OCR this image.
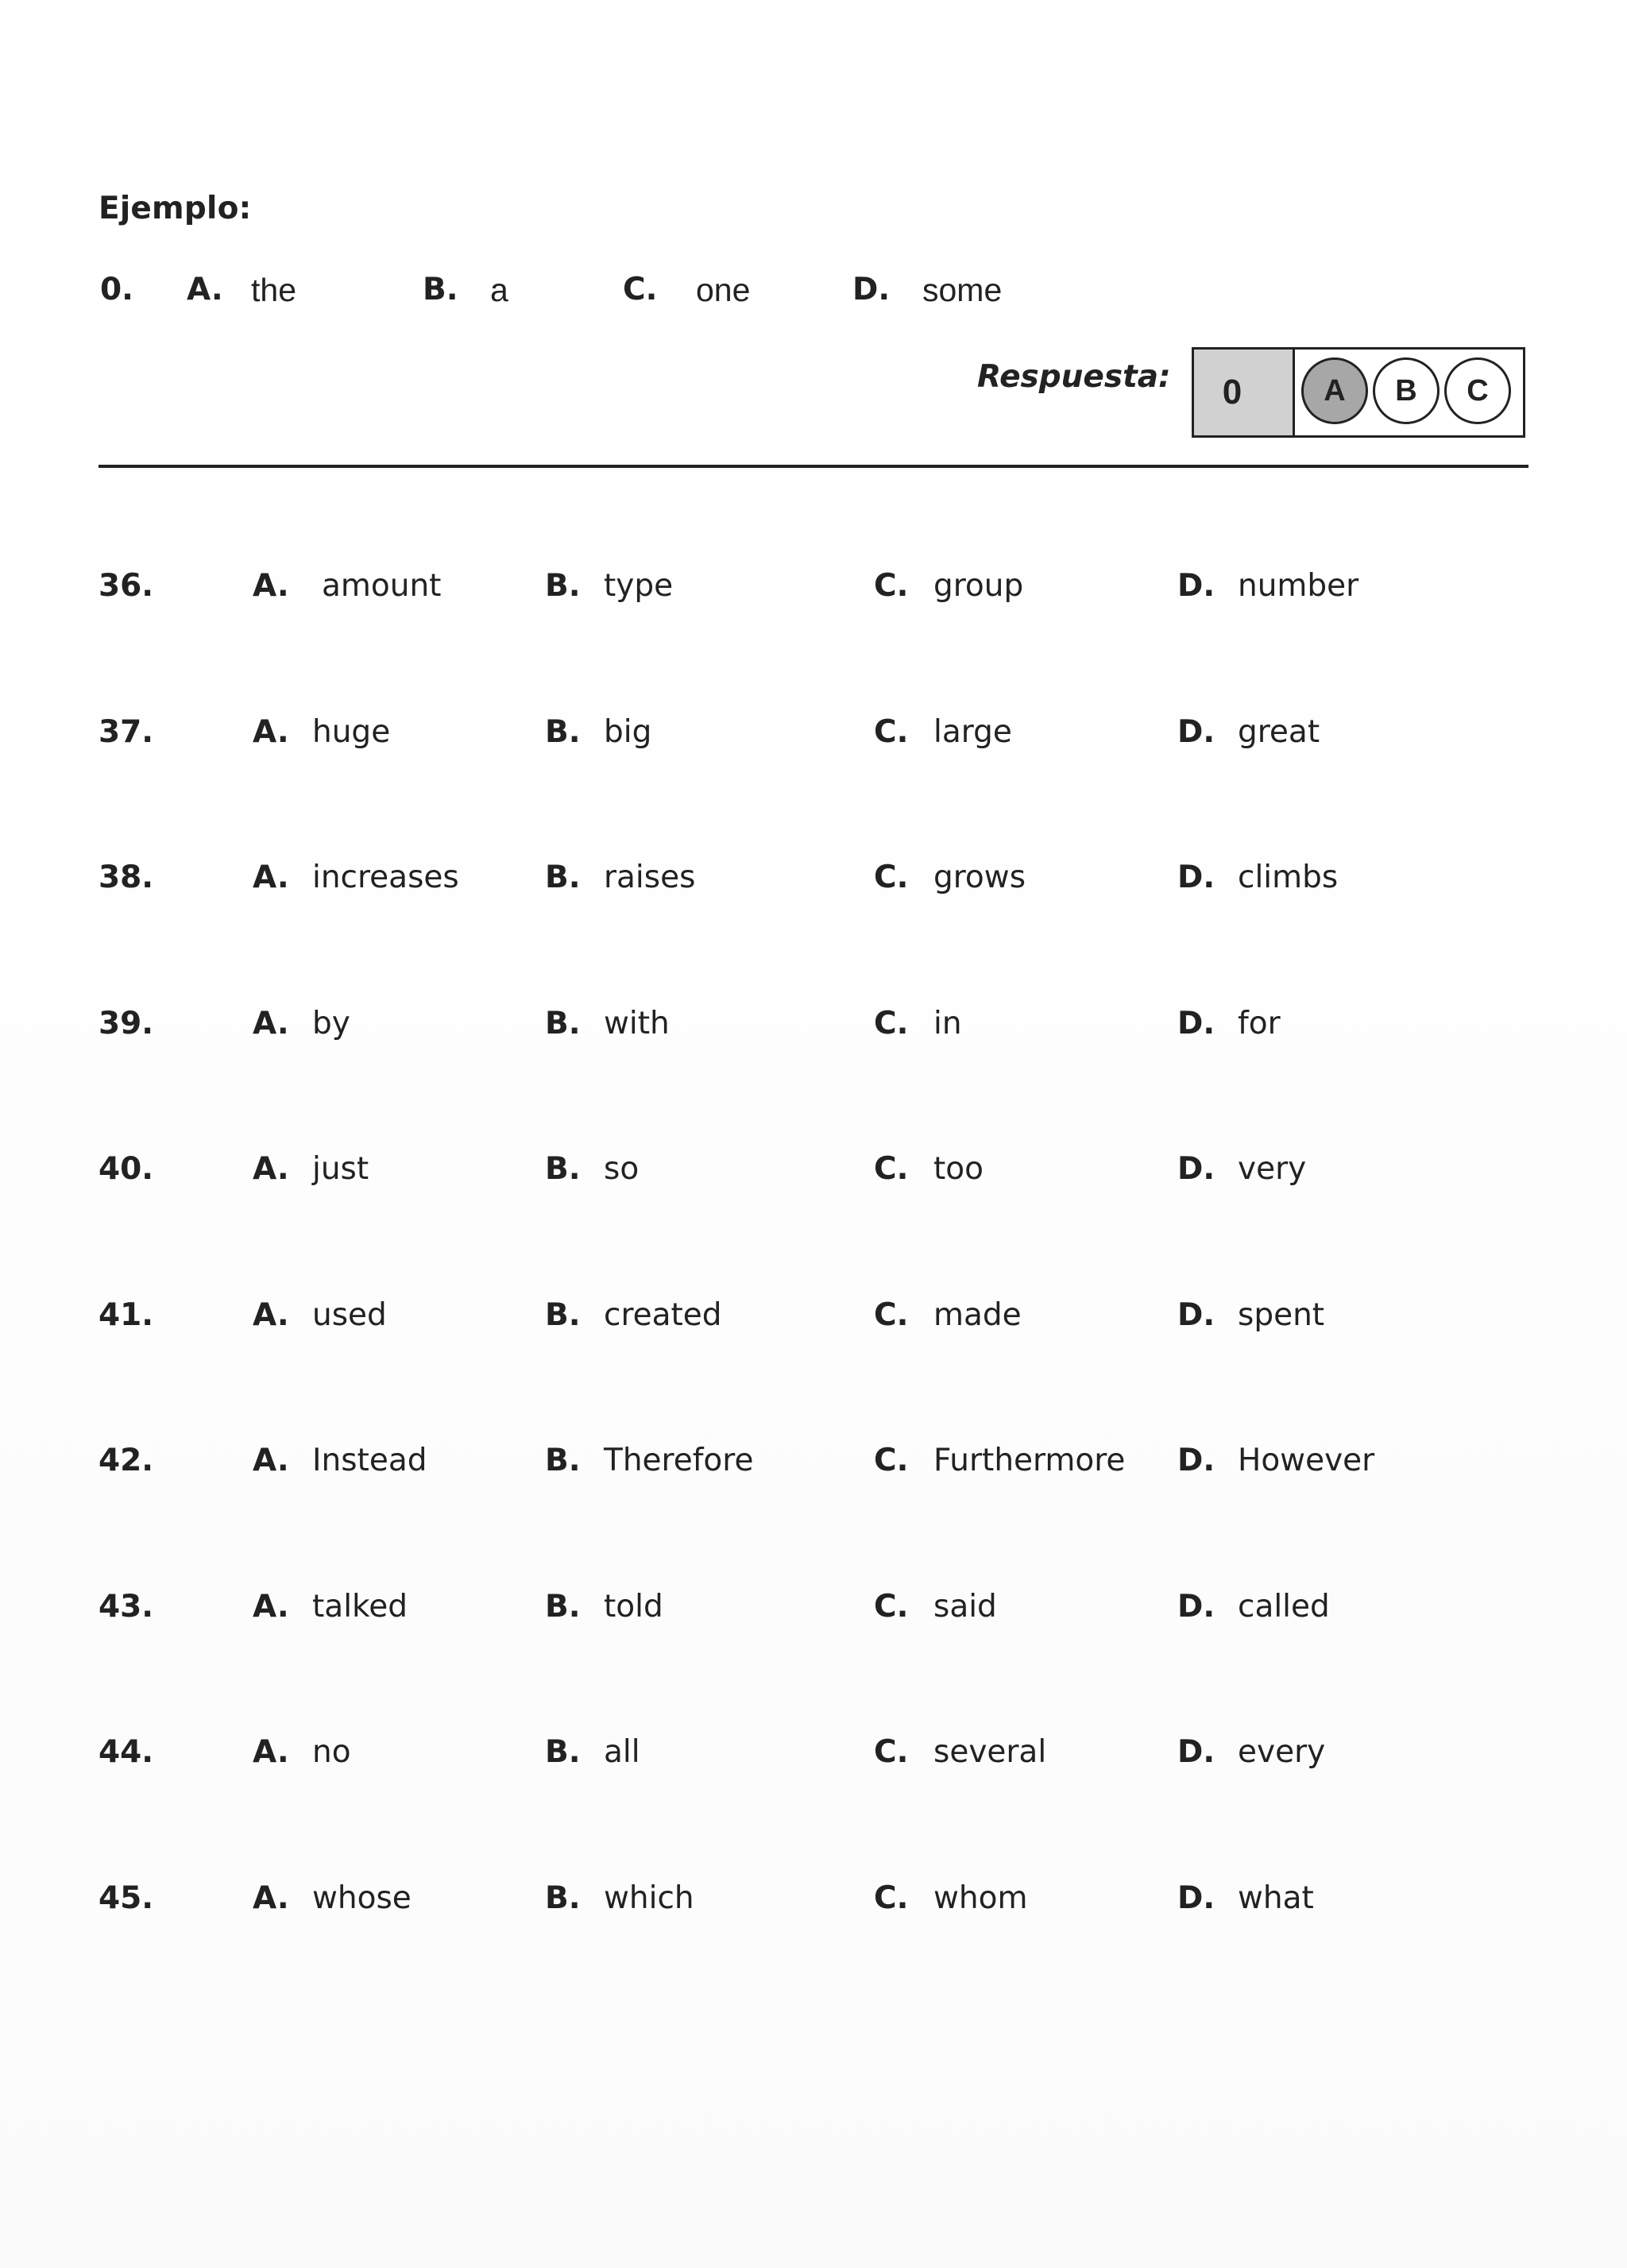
Ejemplo:
0. A. the	B. a	C. one	D. some
Respuesta:	0	A	B	C
36.	A. amount	B. type	C. group	D. number
37.	A. huge	B. big	C. large	D. great
38.	A. increases	B. raises	C. grows	D. climbs
39.	A. by	B. with	C. in	D. for
40.	A. just	B. so	C. too	D. very
41.	A. used	B. created	C. made	D. spent
42.	A. Instead	B. Therefore	C. Furthermore D. However
43.	A. talked	B. told	C. said	D. called
44.	A. no	B. all	C. several	D. every
45.	A. whose	B. which	C. whom	D. what
